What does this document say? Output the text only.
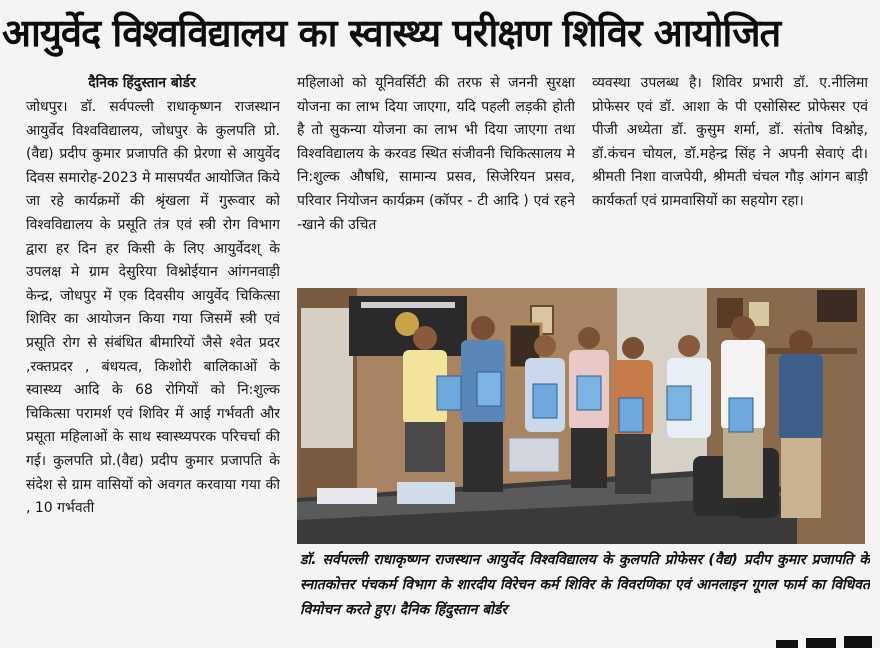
आयुर्वेद विश्वविद्यालय का स्वास्थ्य परीक्षण शिविर आयोजित
दैनिक हिंदुस्तान बोर्डर

जोधपुर। डॉ. सर्वपल्ली राधाकृष्णन राजस्थान आयुर्वेद विश्वविद्यालय, जोधपुर के कुलपति प्रो. (वैद्य) प्रदीप कुमार प्रजापति की प्रेरणा से आयुर्वेद दिवस समारोह-2023 मे मासपर्यंत आयोजित किये जा रहे कार्यक्रमों की श्रृंखला में गुरूवार को विश्वविद्यालय के प्रसूति तंत्र एवं स्त्री रोग विभाग द्वारा हर दिन हर किसी के लिए आयुर्वेदश् के उपलक्ष मे ग्राम देसुरिया विश्नोईयान आंगनवाड़ी केन्द्र, जोधपुर में एक दिवसीय आयुर्वेद चिकित्सा शिविर का आयोजन किया गया जिसमें स्त्री एवं प्रसूति रोग से संबंधित बीमारियों जैसे श्वेत प्रदर ,रक्तप्रदर , बंधयत्व, किशोरी बालिकाओं के स्वास्थ्य आदि के 68 रोगियों को नि:शुल्क चिकित्सा परामर्श एवं शिविर में आई गर्भवती और प्रसूता महिलाओं के साथ स्वास्थ्यपरक परिचर्चा की गई। कुलपति प्रो.(वैद्य) प्रदीप कुमार प्रजापति के संदेश से ग्राम वासियों को अवगत करवाया गया की , 10 गर्भवती

महिलाओ को यूनिवर्सिटी की तरफ से जननी सुरक्षा योजना का लाभ दिया जाएगा, यदि पहली लड़की होती है तो सुकन्या योजना का लाभ भी दिया जाएगा तथा विश्वविद्यालय के करवड स्थित संजीवनी चिकित्सालय मे नि:शुल्क औषधि, सामान्य प्रसव, सिजेरियन प्रसव, परिवार नियोजन कार्यक्रम (कॉपर - टी आदि ) एवं रहने -खाने की उचित

व्यवस्था उपलब्ध है। शिविर प्रभारी डॉ. ए.नीलिमा प्रोफेसर एवं डॉ. आशा के पी एसोसिस्ट प्रोफेसर एवं पीजी अध्येता डॉ. कुसुम शर्मा, डॉ. संतोष विश्नोइ, डॉ.कंचन चोयल, डॉ.महेन्द्र सिंह ने अपनी सेवाएं दी। श्रीमती निशा वाजपेयी, श्रीमती चंचल गौड़ आंगन बाड़ी कार्यकर्ता एवं ग्रामवासियों का सहयोग रहा।

डॉ. सर्वपल्ली राधाकृष्णन राजस्थान आयुर्वेद विश्वविद्यालय के कुलपति प्रोफेसर (वैद्य) प्रदीप कुमार प्रजापति के स्नातकोत्तर पंचकर्म विभाग के शारदीय विरेचन कर्म शिविर के विवरणिका एवं आनलाइन गूगल फार्म का विधिवत विमोचन करते हुए। दैनिक हिंदुस्तान बोर्डर
